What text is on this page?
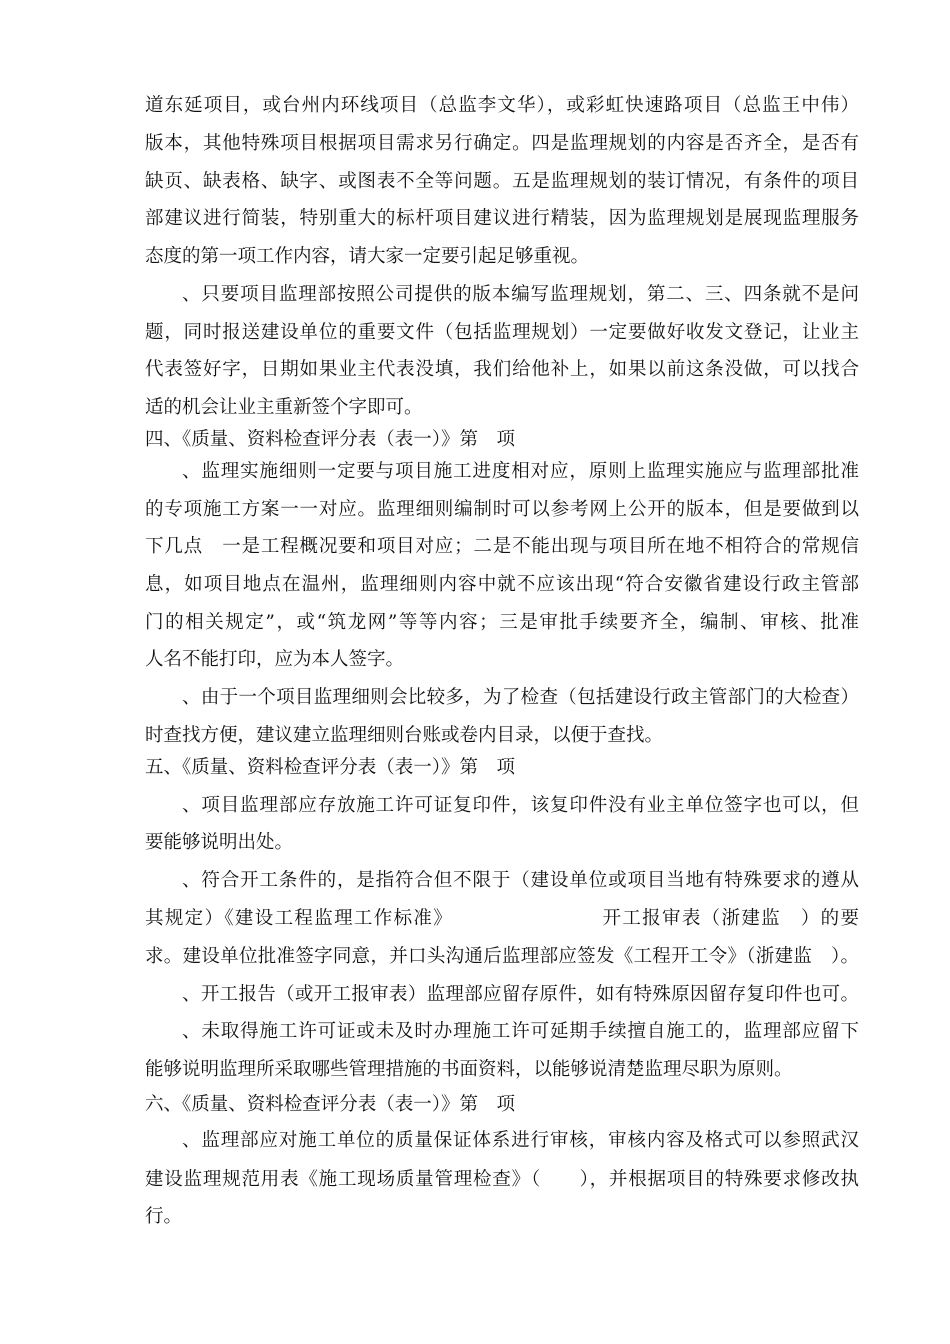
道东延项目，或台州内环线项目（总监李文华），或彩虹快速路项目（总监王中伟）
版本，其他特殊项目根据项目需求另行确定。四是监理规划的内容是否齐全，是否有
缺页、缺表格、缺字、或图表不全等问题。五是监理规划的装订情况，有条件的项目
部建议进行简装，特别重大的标杆项目建议进行精装，因为监理规划是展现监理服务
态度的第一项工作内容，请大家一定要引起足够重视。
、只要项目监理部按照公司提供的版本编写监理规划，第二、三、四条就不是问
题，同时报送建设单位的重要文件（包括监理规划）一定要做好收发文登记，让业主
代表签好字，日期如果业主代表没填，我们给他补上，如果以前这条没做，可以找合
适的机会让业主重新签个字即可。
四、《质量、资料检查评分表（表一）》第　项
、监理实施细则一定要与项目施工进度相对应，原则上监理实施应与监理部批准
的专项施工方案一一对应。监理细则编制时可以参考网上公开的版本，但是要做到以
下几点　一是工程概况要和项目对应；二是不能出现与项目所在地不相符合的常规信
息，如项目地点在温州，监理细则内容中就不应该出现“符合安徽省建设行政主管部
门的相关规定”，或“筑龙网”等等内容；三是审批手续要齐全，编制、审核、批准
人名不能打印，应为本人签字。
、由于一个项目监理细则会比较多，为了检查（包括建设行政主管部门的大检查）
时查找方便，建议建立监理细则台账或卷内目录，以便于查找。
五、《质量、资料检查评分表（表一）》第　项
、项目监理部应存放施工许可证复印件，该复印件没有业主单位签字也可以，但
要能够说明出处。
、符合开工条件的，是指符合但不限于（建设单位或项目当地有特殊要求的遵从
其规定）《建设工程监理工作标准》　　　　　　　　开工报审表（浙建监　）的要
求。建设单位批准签字同意，并口头沟通后监理部应签发《工程开工令》（浙建监　）。
、开工报告（或开工报审表）监理部应留存原件，如有特殊原因留存复印件也可。
、未取得施工许可证或未及时办理施工许可延期手续擅自施工的，监理部应留下
能够说明监理所采取哪些管理措施的书面资料，以能够说清楚监理尽职为原则。
六、《质量、资料检查评分表（表一）》第　项
、监理部应对施工单位的质量保证体系进行审核，审核内容及格式可以参照武汉
建设监理规范用表《施工现场质量管理检查》（　　），并根据项目的特殊要求修改执
行。
